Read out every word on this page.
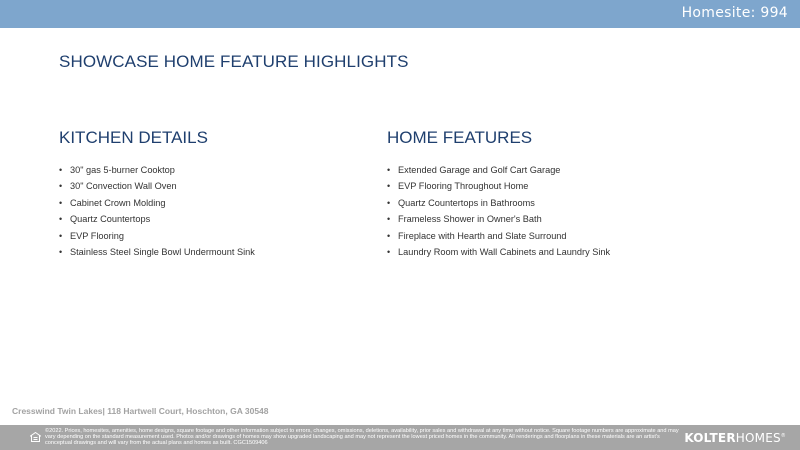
Homesite: 994
SHOWCASE HOME FEATURE HIGHLIGHTS
KITCHEN DETAILS
• 30" gas 5-burner Cooktop
• 30" Convection Wall Oven
• Cabinet Crown Molding
• Quartz Countertops
• EVP Flooring
• Stainless Steel Single Bowl Undermount Sink
HOME FEATURES
• Extended Garage and Golf Cart Garage
• EVP Flooring Throughout Home
• Quartz Countertops in Bathrooms
• Frameless Shower in Owner's Bath
• Fireplace with Hearth and Slate Surround
• Laundry Room with Wall Cabinets and Laundry Sink
Cresswind Twin Lakes| 118 Hartwell Court, Hoschton, GA 30548
©2022. Prices, homesites, amenities, home designs, square footage and other information subject to errors, changes, omissions, deletions, availability, prior sales and withdrawal at any time without notice. Square footage numbers are approximate and may vary depending on the standard measurement used. Photos and/or drawings of homes may show upgraded landscaping and may not represent the lowest priced homes in the community. All renderings and floorplans in these materials are an artist's conceptual drawings and will vary from the actual plans and homes as built. CGC1509406	KOLTERHOMES®
